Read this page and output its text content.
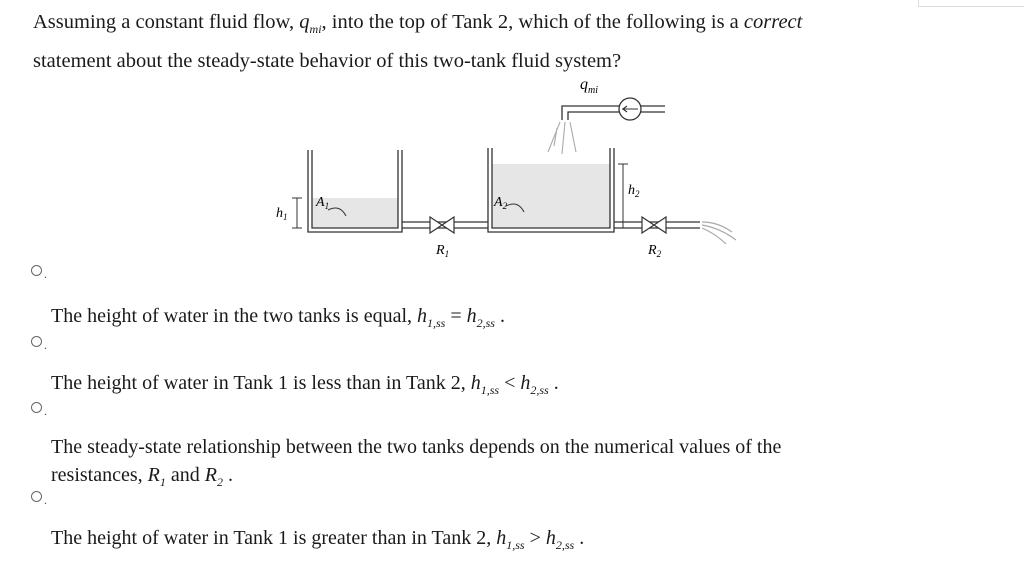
Assuming a constant fluid flow, $q_{mi}$, into the top of Tank 2, which of the following is a correct
statement about the steady-state behavior of this two-tank fluid system?
$q_{mi}$
$h_1$
$h_2$
$A_1$	$A_2$
$R_1$	$R_2$
.
The height of water in the two tanks is equal, $h_{1,ss} = h_{2,ss}$ .
.
The height of water in Tank 1 is less than in Tank 2, $h_{1,ss} < h_{2,ss}$ .
.
The steady-state relationship between the two tanks depends on the numerical values of the
resistances, $R_1$ and $R_2$ .
.
The height of water in Tank 1 is greater than in Tank 2, $h_{1,ss} > h_{2,ss}$ .
